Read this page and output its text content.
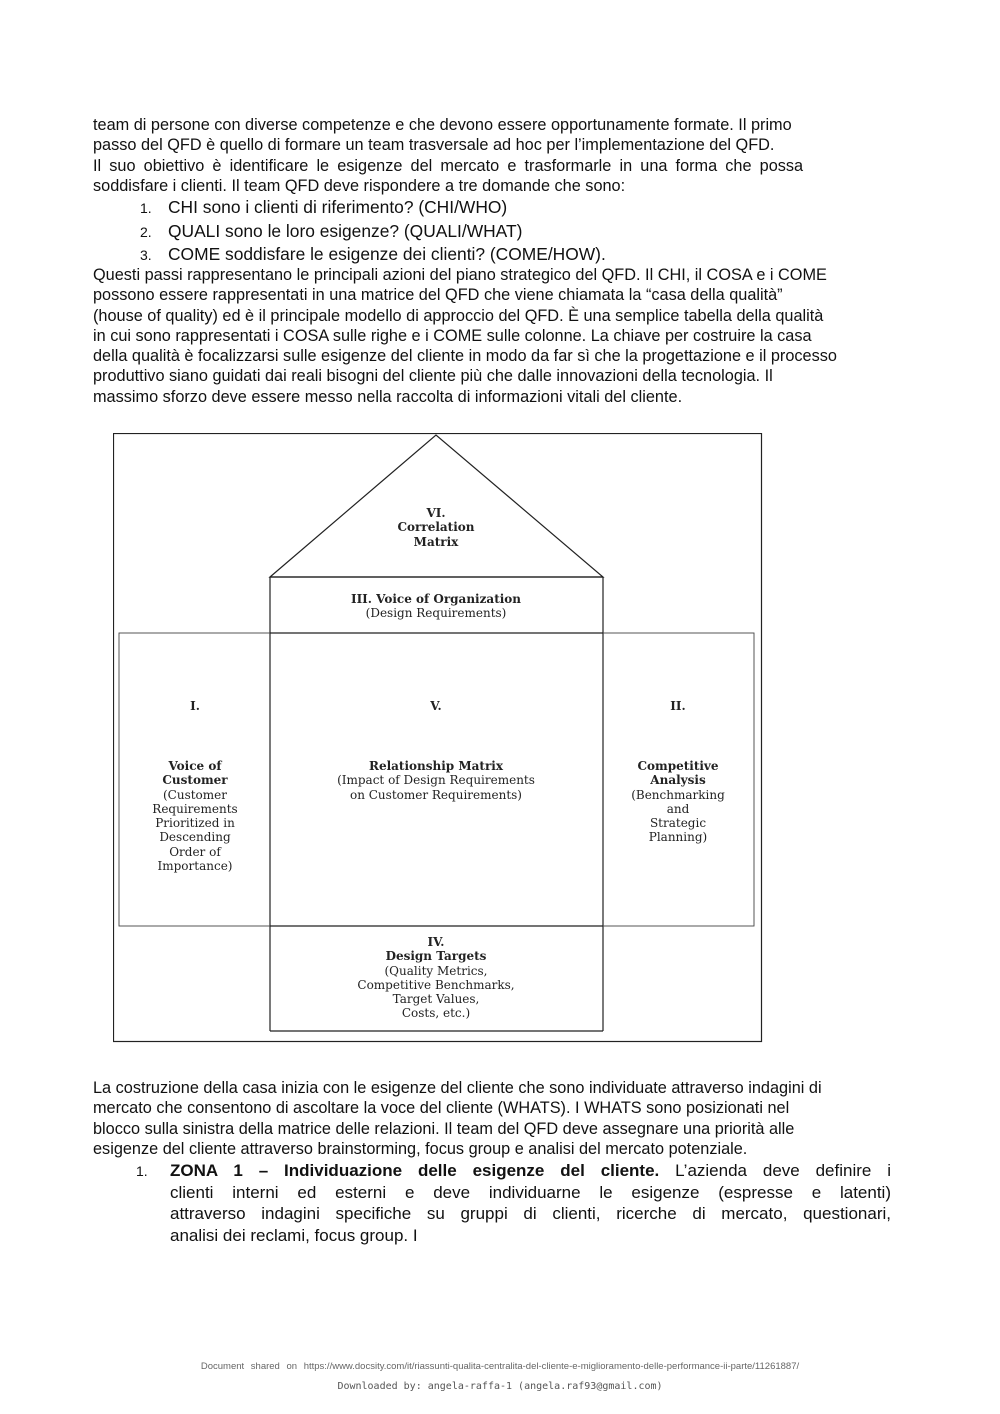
team di persone con diverse competenze e che devono essere opportunamente formate. Il primo
passo del QFD è quello di formare un team trasversale ad hoc per l’implementazione del QFD.
Il suo obiettivo è identificare le esigenze del mercato e trasformarle in una forma che possa
soddisfare i clienti. Il team QFD deve rispondere a tre domande che sono:
1. CHI sono i clienti di riferimento? (CHI/WHO)
2. QUALI sono le loro esigenze? (QUALI/WHAT)
3. COME soddisfare le esigenze dei clienti? (COME/HOW).
Questi passi rappresentano le principali azioni del piano strategico del QFD. Il CHI, il COSA e i COME
possono essere rappresentati in una matrice del QFD che viene chiamata la “casa della qualità”
(house of quality) ed è il principale modello di approccio del QFD. È una semplice tabella della qualità
in cui sono rappresentati i COSA sulle righe e i COME sulle colonne. La chiave per costruire la casa
della qualità è focalizzarsi sulle esigenze del cliente in modo da far sì che la progettazione e il processo
produttivo siano guidati dai reali bisogni del cliente più che dalle innovazioni della tecnologia. Il
massimo sforzo deve essere messo nella raccolta di informazioni vitali del cliente.
VI.
Correlation
Matrix
III. Voice of Organization
(Design Requirements)
I.
Voice of
Customer
(Customer
Requirements
Prioritized in
Descending
Order of
Importance)
V.
Relationship Matrix
(Impact of Design Requirements
on Customer Requirements)
II.
Competitive
Analysis
(Benchmarking
and
Strategic
Planning)
IV.
Design Targets
(Quality Metrics,
Competitive Benchmarks,
Target Values,
Costs, etc.)
La costruzione della casa inizia con le esigenze del cliente che sono individuate attraverso indagini di
mercato che consentono di ascoltare la voce del cliente (WHATS). I WHATS sono posizionati nel
blocco sulla sinistra della matrice delle relazioni. Il team del QFD deve assegnare una priorità alle
esigenze del cliente attraverso brainstorming, focus group e analisi del mercato potenziale.
1. ZONA 1 – Individuazione delle esigenze del cliente. L’azienda deve definire i
clienti interni ed esterni e deve individuarne le esigenze (espresse e latenti)
attraverso indagini specifiche su gruppi di clienti, ricerche di mercato, questionari,
analisi dei reclami, focus group. I
Document shared on https://www.docsity.com/it/riassunti-qualita-centralita-del-cliente-e-miglioramento-delle-performance-ii-parte/11261887/
Downloaded by: angela-raffa-1 (angela.raf93@gmail.com)
